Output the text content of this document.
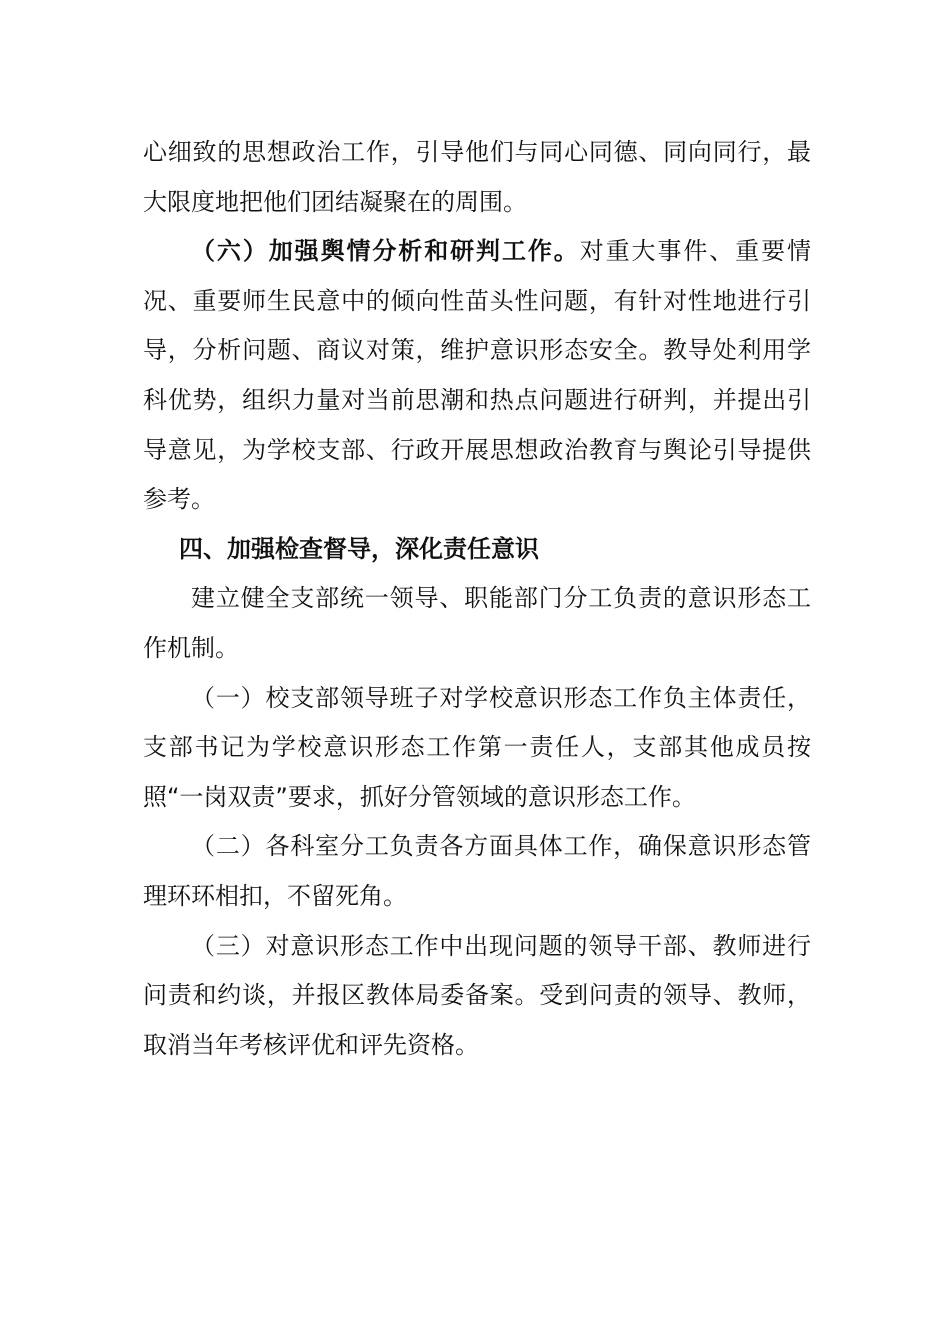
心细致的思想政治工作，引导他们与同心同德、同向同行，最大限度地把他们团结凝聚在的周围。

（六）加强舆情分析和研判工作。对重大事件、重要情况、重要师生民意中的倾向性苗头性问题，有针对性地进行引导，分析问题、商议对策，维护意识形态安全。教导处利用学科优势，组织力量对当前思潮和热点问题进行研判，并提出引导意见，为学校支部、行政开展思想政治教育与舆论引导提供参考。

四、加强检查督导，深化责任意识

建立健全支部统一领导、职能部门分工负责的意识形态工作机制。

（一）校支部领导班子对学校意识形态工作负主体责任，支部书记为学校意识形态工作第一责任人，支部其他成员按照“一岗双责”要求，抓好分管领域的意识形态工作。

（二）各科室分工负责各方面具体工作，确保意识形态管理环环相扣，不留死角。

（三）对意识形态工作中出现问题的领导干部、教师进行问责和约谈，并报区教体局委备案。受到问责的领导、教师，取消当年考核评优和评先资格。
